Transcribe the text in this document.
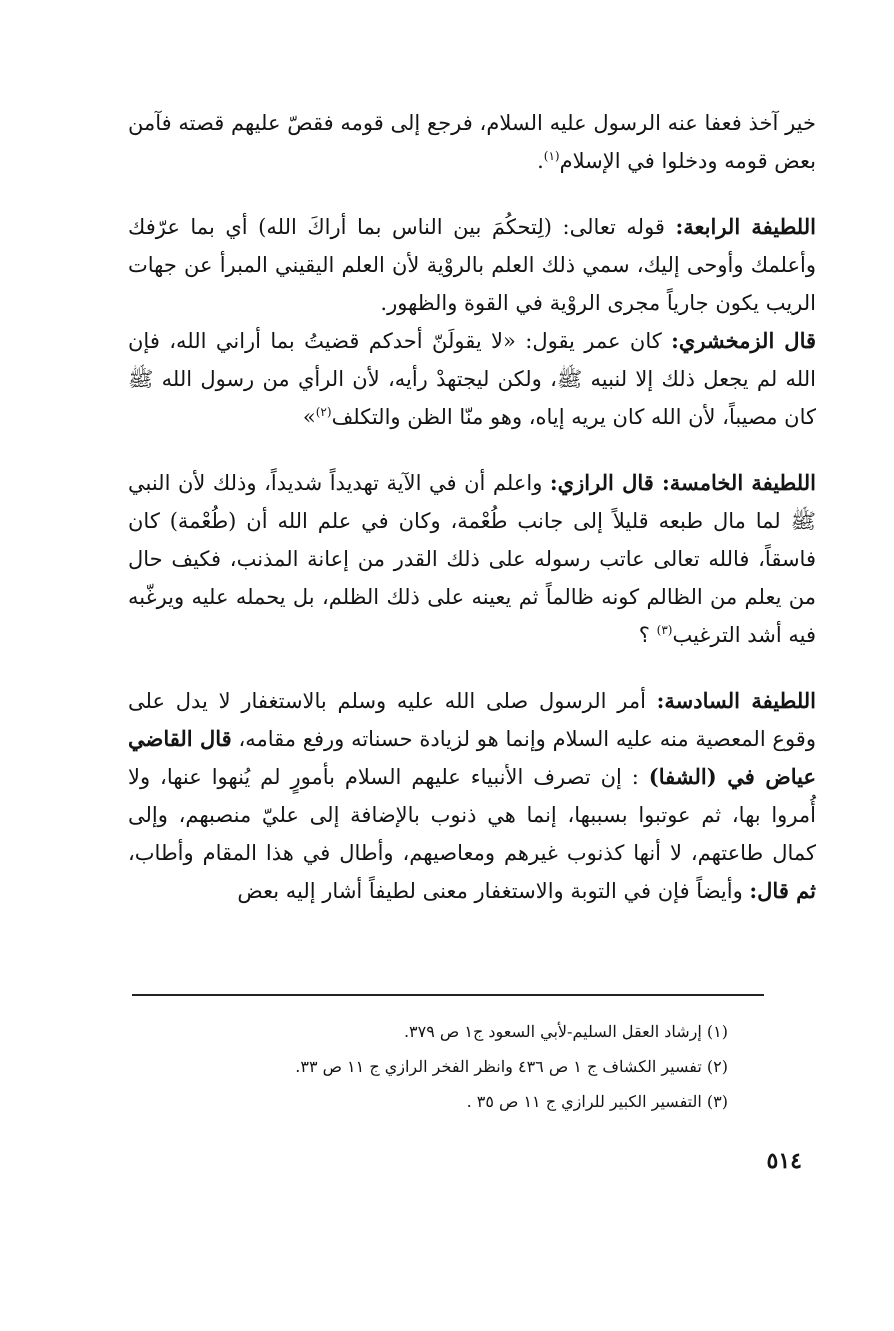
خير آخذ فعفا عنه الرسول عليه السلام، فرجع إلى قومه فقصّ عليهم قصته فآمن بعض قومه ودخلوا في الإسلام$^{(١)}$.

اللطيفة الرابعة: قوله تعالى: (لِتحكُمَ بين الناس بما أراكَ الله) أي بما عرّفك وأعلمك وأوحى إليك، سمي ذلك العلم بالروْية لأن العلم اليقيني المبرأ عن جهات الريب يكون جارياً مجرى الروْية في القوة والظهور.

قال الزمخشري: كان عمر يقول: «لا يقولَنّ أحدكم قضيتُ بما أراني الله، فإن الله لم يجعل ذلك إلا لنبيه ﷺ، ولكن ليجتهدْ رأيه، لأن الرأي من رسول الله ﷺ كان مصيباً، لأن الله كان يريه إياه، وهو منّا الظن والتكلف$^{(٢)}$»

اللطيفة الخامسة: قال الرازي: واعلم أن في الآية تهديداً شديداً، وذلك لأن النبي ﷺ لما مال طبعه قليلاً إلى جانب طُعْمة، وكان في علم الله أن (طُعْمة) كان فاسقاً، فالله تعالى عاتب رسوله على ذلك القدر من إعانة المذنب، فكيف حال من يعلم من الظالم كونه ظالماً ثم يعينه على ذلك الظلم، بل يحمله عليه ويرغّبه فيه أشد الترغيب$^{(٣)}$ ؟

اللطيفة السادسة: أمر الرسول صلى الله عليه وسلم بالاستغفار لا يدل على وقوع المعصية منه عليه السلام وإنما هو لزيادة حسناته ورفع مقامه، قال القاضي عياض في (الشفا) : إن تصرف الأنبياء عليهم السلام بأمورٍ لم يُنهوا عنها، ولا أُمروا بها، ثم عوتبوا بسببها، إنما هي ذنوب بالإضافة إلى عليّ منصبهم، وإلى كمال طاعتهم، لا أنها كذنوب غيرهم ومعاصيهم، وأطال في هذا المقام وأطاب، ثم قال: وأيضاً فإن في التوبة والاستغفار معنى لطيفاً أشار إليه بعض

(١) إرشاد العقل السليم-لأبي السعود ج١ ص ٣٧٩.

(٢) تفسير الكشاف ج ١ ص ٤٣٦ وانظر الفخر الرازي ج ١١ ص ٣٣.

(٣) التفسير الكبير للرازي ج ١١ ص ٣٥ .

٥١٤
